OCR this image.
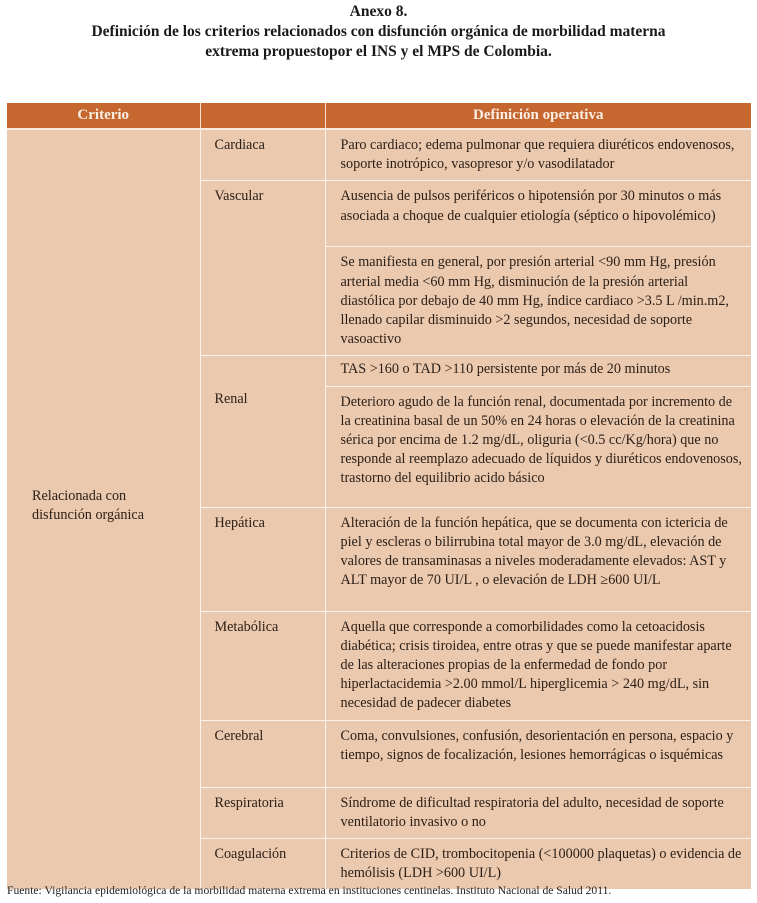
Anexo 8.
Definición de los criterios relacionados con disfunción orgánica de morbilidad materna
extrema propuestopor el INS y el MPS de Colombia.
Criterio		Definición operativa
Relacionada con disfunción orgánica	Cardiaca	Paro cardiaco; edema pulmonar que requiera diuréticos endovenosos, soporte inotrópico, vasopresor y/o vasodilatador
	Vascular	Ausencia de pulsos periféricos o hipotensión por 30 minutos o más asociada a choque de cualquier etiología (séptico o hipovolémico)
		Se manifiesta en general, por presión arterial <90 mm Hg, presión arterial media <60 mm Hg, disminución de la presión arterial diastólica por debajo de 40 mm Hg, índice cardiaco >3.5 L /min.m2, llenado capilar disminuido >2 segundos, necesidad de soporte vasoactivo
	Renal	TAS >160 o TAD >110 persistente por más de 20 minutos
		Deterioro agudo de la función renal, documentada por incremento de la creatinina basal de un 50% en 24 horas o elevación de la creatinina sérica por encima de 1.2 mg/dL, oliguria (<0.5 cc/Kg/hora) que no responde al reemplazo adecuado de líquidos y diuréticos endovenosos, trastorno del equilibrio acido básico
	Hepática	Alteración de la función hepática, que se documenta con ictericia de piel y escleras o bilirrubina total mayor de 3.0 mg/dL, elevación de valores de transaminasas a niveles moderadamente elevados: AST y ALT mayor de 70 UI/L , o elevación de LDH ≥600 UI/L
	Metabólica	Aquella que corresponde a comorbilidades como la cetoacidosis diabética; crisis tiroidea, entre otras y que se puede manifestar aparte de las alteraciones propias de la enfermedad de fondo por hiperlactacidemia >2.00 mmol/L hiperglicemia > 240 mg/dL, sin necesidad de padecer diabetes
	Cerebral	Coma, convulsiones, confusión, desorientación en persona, espacio y tiempo, signos de focalización, lesiones hemorrágicas o isquémicas
	Respiratoria	Síndrome de dificultad respiratoria del adulto, necesidad de soporte ventilatorio invasivo o no
	Coagulación	Criterios de CID, trombocitopenia (<100000 plaquetas) o evidencia de hemólisis (LDH >600 UI/L)
Fuente: Vigilancia epidemiológica de la morbilidad materna extrema en instituciones centinelas. Instituto Nacional de Salud 2011.
